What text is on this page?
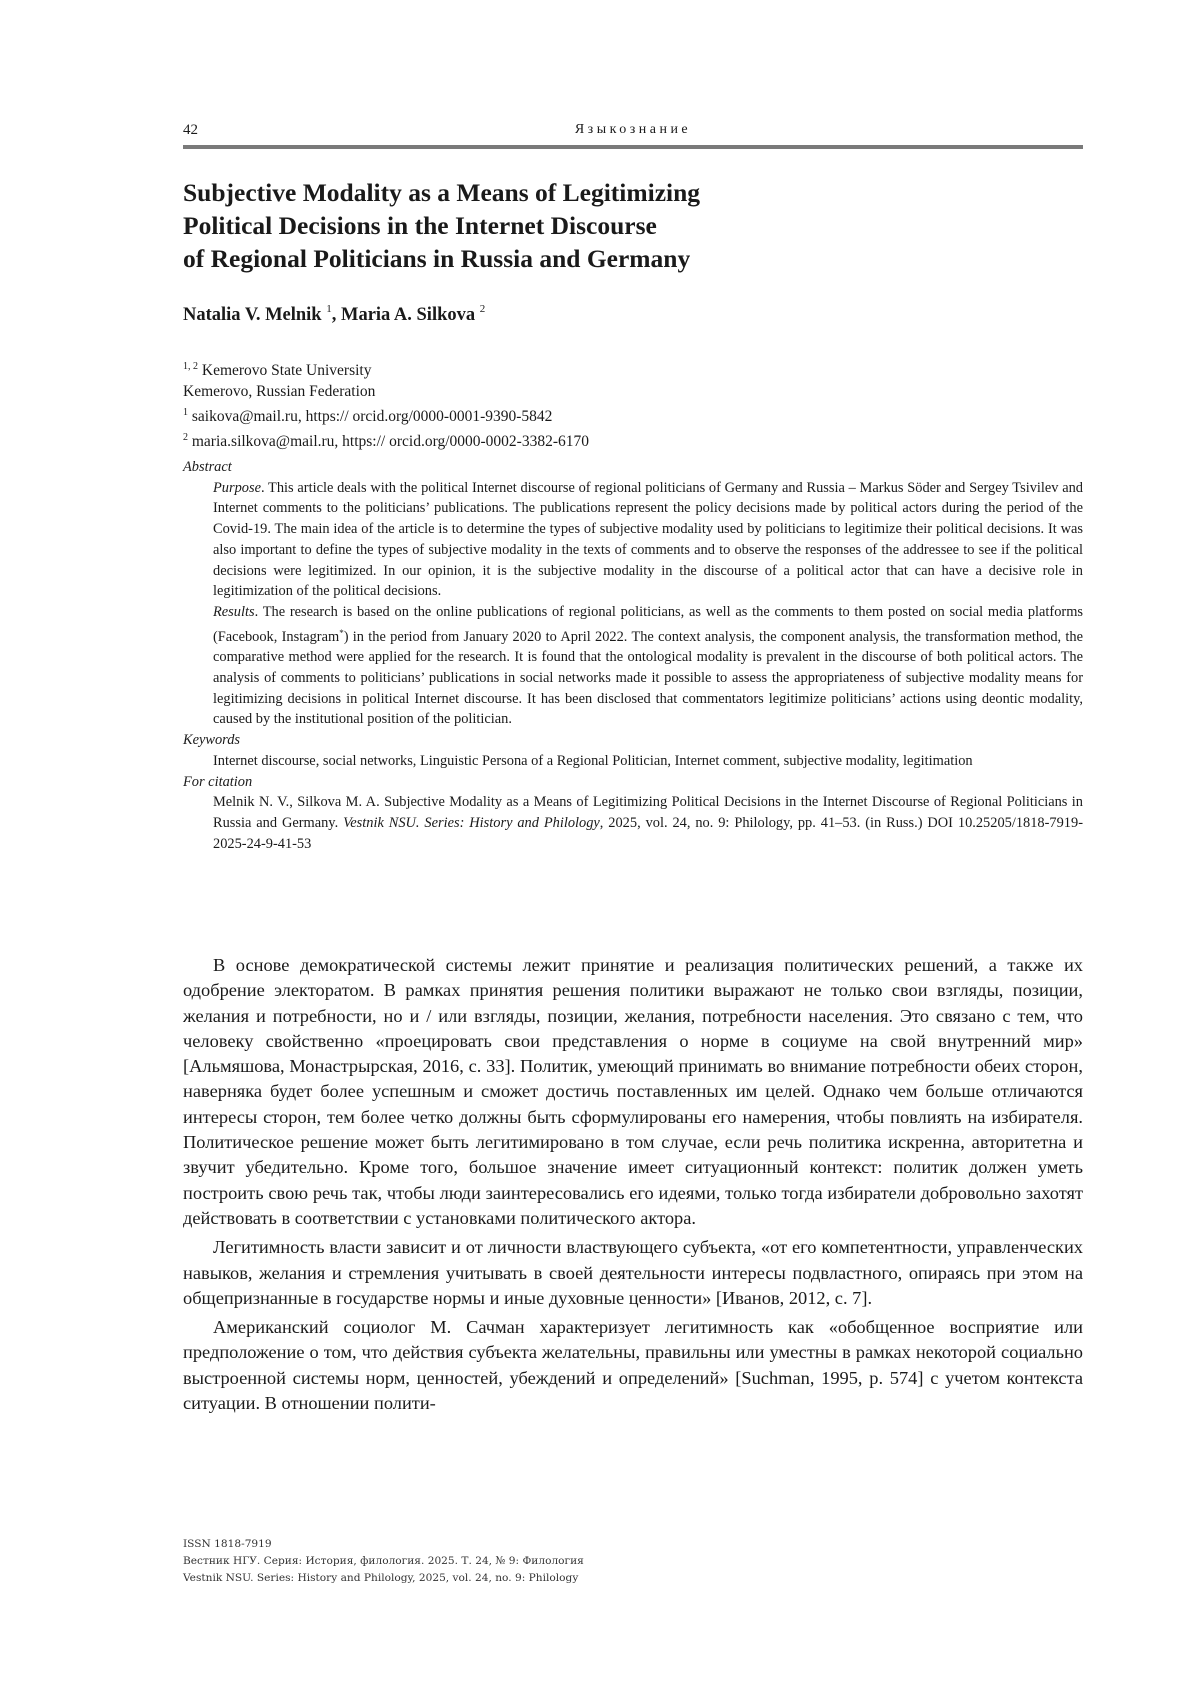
42	Языкознание
Subjective Modality as a Means of Legitimizing
Political Decisions in the Internet Discourse
of Regional Politicians in Russia and Germany
Natalia V. Melnik $^1$, Maria A. Silkova $^2$
$^{1, 2}$ Kemerovo State University
Kemerovo, Russian Federation
$^1$ saikova@mail.ru, https:// orcid.org/0000-0001-9390-5842
$^2$ maria.silkova@mail.ru, https:// orcid.org/0000-0002-3382-6170
Abstract
Purpose. This article deals with the political Internet discourse of regional politicians of Germany and Russia – Markus Söder and Sergey Tsivilev and Internet comments to the politicians’ publications. The publications represent the policy decisions made by political actors during the period of the Covid-19. The main idea of the article is to determine the types of subjective modality used by politicians to legitimize their political decisions. It was also important to define the types of subjective modality in the texts of comments and to observe the responses of the addressee to see if the political decisions were legitimized. In our opinion, it is the subjective modality in the discourse of a political actor that can have a decisive role in legitimization of the political decisions.
Results. The research is based on the online publications of regional politicians, as well as the comments to them posted on social media platforms (Facebook, Instagram*) in the period from January 2020 to April 2022. The context analysis, the component analysis, the transformation method, the comparative method were applied for the research. It is found that the ontological modality is prevalent in the discourse of both political actors. The analysis of comments to politicians’ publications in social networks made it possible to assess the appropriateness of subjective modality means for legitimizing decisions in political Internet discourse. It has been disclosed that commentators legitimize politicians’ actions using deontic modality, caused by the institutional position of the politician.
Keywords
Internet discourse, social networks, Linguistic Persona of a Regional Politician, Internet comment, subjective modality, legitimation
For citation
Melnik N. V., Silkova M. A. Subjective Modality as a Means of Legitimizing Political Decisions in the Internet Discourse of Regional Politicians in Russia and Germany. Vestnik NSU. Series: History and Philology, 2025, vol. 24, no. 9: Philology, pp. 41–53. (in Russ.) DOI 10.25205/1818-7919-2025-24-9-41-53

В основе демократической системы лежит принятие и реализация политических решений, а также их одобрение электоратом. В рамках принятия решения политики выражают не только свои взгляды, позиции, желания и потребности, но и / или взгляды, позиции, желания, потребности населения. Это связано с тем, что человеку свойственно «проецировать свои представления о норме в социуме на свой внутренний мир» [Альмяшова, Монастрырская, 2016, с. 33]. Политик, умеющий принимать во внимание потребности обеих сторон, наверняка будет более успешным и сможет достичь поставленных им целей. Однако чем больше отличаются интересы сторон, тем более четко должны быть сформулированы его намерения, чтобы повлиять на избирателя. Политическое решение может быть легитимировано в том случае, если речь политика искренна, авторитетна и звучит убедительно. Кроме того, большое значение имеет ситуационный контекст: политик должен уметь построить свою речь так, чтобы люди заинтересовались его идеями, только тогда избиратели добровольно захотят действовать в соответствии с установками политического актора.

Легитимность власти зависит и от личности властвующего субъекта, «от его компетентности, управленческих навыков, желания и стремления учитывать в своей деятельности интересы подвластного, опираясь при этом на общепризнанные в государстве нормы и иные духовные ценности» [Иванов, 2012, с. 7].

Американский социолог М. Сачман характеризует легитимность как «обобщенное восприятие или предположение о том, что действия субъекта желательны, правильны или уместны в рамках некоторой социально выстроенной системы норм, ценностей, убеждений и определений» [Suchman, 1995, p. 574] с учетом контекста ситуации. В отношении полити-

ISSN 1818-7919
Вестник НГУ. Серия: История, филология. 2025. Т. 24, № 9: Филология
Vestnik NSU. Series: History and Philology, 2025, vol. 24, no. 9: Philology
